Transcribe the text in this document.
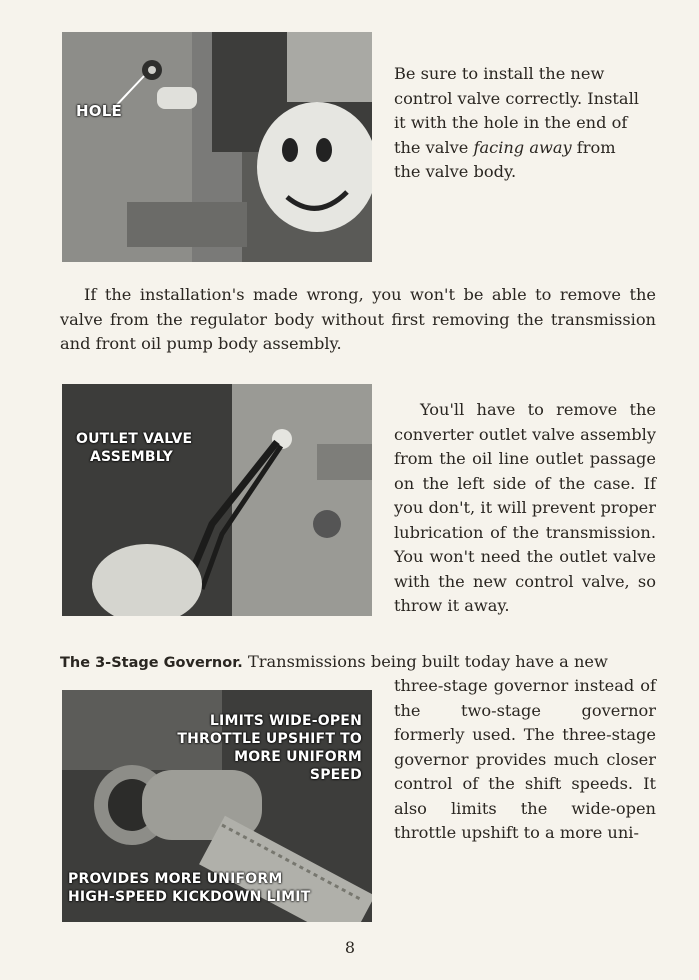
HOLE

Be sure to install the new
control valve correctly. Install
it with the hole in the end of
the valve facing away from
the valve body.

If the installation's made wrong, you won't be able to remove the valve from the regulator body without first removing the transmission and front oil pump body assembly.

OUTLET VALVE
ASSEMBLY

You'll have to remove the converter outlet valve assembly from the oil line outlet passage on the left side of the case. If you don't, it will prevent proper lubrication of the transmission. You won't need the outlet valve with the new control valve, so throw it away.

The 3-Stage Governor. Transmissions being built today have a new

LIMITS WIDE-OPEN
THROTTLE UPSHIFT TO
MORE UNIFORM
SPEED
PROVIDES MORE UNIFORM
HIGH-SPEED KICKDOWN LIMIT

three-stage governor instead of the two-stage governor formerly used. The three-stage governor provides much closer control of the shift speeds. It also limits the wide-open throttle upshift to a more uni-

8
